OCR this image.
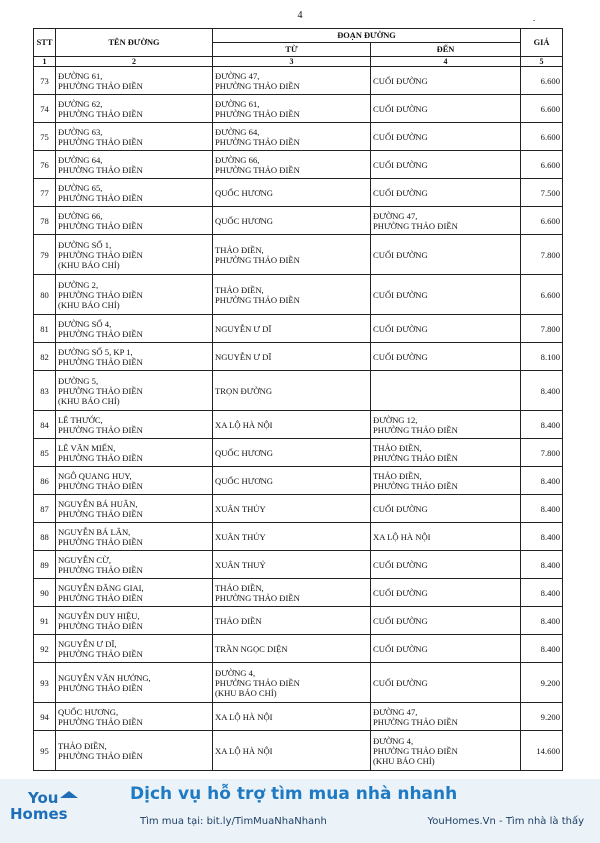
4	.
STT	TÊN ĐƯỜNG	ĐOẠN ĐƯỜNG		GIÁ
		TỪ	ĐẾN	
1	2	3	4	5
73	ĐƯỜNG 61,
PHƯỜNG THẢO ĐIỀN	ĐƯỜNG 47,
PHƯỜNG THẢO ĐIỀN	CUỐI ĐƯỜNG	6.600
74	ĐƯỜNG 62,
PHƯỜNG THẢO ĐIỀN	ĐƯỜNG 61,
PHƯỜNG THẢO ĐIỀN	CUỐI ĐƯỜNG	6.600
75	ĐƯỜNG 63,
PHƯỜNG THẢO ĐIỀN	ĐƯỜNG 64,
PHƯỜNG THẢO ĐIỀN	CUỐI ĐƯỜNG	6.600
76	ĐƯỜNG 64,
PHƯỜNG THẢO ĐIỀN	ĐƯỜNG 66,
PHƯỜNG THẢO ĐIỀN	CUỐI ĐƯỜNG	6.600
77	ĐƯỜNG 65,
PHƯỜNG THẢO ĐIỀN	QUỐC HƯƠNG	CUỐI ĐƯỜNG	7.500
78	ĐƯỜNG 66,
PHƯỜNG THẢO ĐIỀN	QUỐC HƯƠNG	ĐƯỜNG 47,
PHƯỜNG THẢO ĐIỀN	6.600
79	ĐƯỜNG SỐ 1,
PHƯỜNG THẢO ĐIỀN
(KHU BÁO CHÍ)	THẢO ĐIỀN,
PHƯỜNG THẢO ĐIỀN	CUỐI ĐƯỜNG	7.800
80	ĐƯỜNG 2,
PHƯỜNG THẢO ĐIỀN
(KHU BÁO CHÍ)	THẢO ĐIỀN,
PHƯỜNG THẢO ĐIỀN	CUỐI ĐƯỜNG	6.600
81	ĐƯỜNG SỐ 4,
PHƯỜNG THẢO ĐIỀN	NGUYỄN Ư DĨ	CUỐI ĐƯỜNG	7.800
82	ĐƯỜNG SỐ 5, KP 1,
PHƯỜNG THẢO ĐIỀN	NGUYỄN Ư DĨ	CUỐI ĐƯỜNG	8.100
83	ĐƯỜNG 5,
PHƯỜNG THẢO ĐIỀN
(KHU BÁO CHÍ)	TRỌN ĐƯỜNG		8.400
84	LÊ THƯỚC,
PHƯỜNG THẢO ĐIỀN	XA LỘ HÀ NỘI	ĐƯỜNG 12,
PHƯỜNG THẢO ĐIỀN	8.400
85	LÊ VĂN MIẾN,
PHƯỜNG THẢO ĐIỀN	QUỐC HƯƠNG	THẢO ĐIỀN,
PHƯỜNG THẢO ĐIỀN	7.800
86	NGÔ QUANG HUY,
PHƯỜNG THẢO ĐIỀN	QUỐC HƯƠNG	THẢO ĐIỀN,
PHƯỜNG THẢO ĐIỀN	8.400
87	NGUYỄN BÁ HUÂN,
PHƯỜNG THẢO ĐIỀN	XUÂN THỦY	CUỐI ĐƯỜNG	8.400
88	NGUYỄN BÁ LÂN,
PHƯỜNG THẢO ĐIỀN	XUÂN THỦY	XA LỘ HÀ NỘI	8.400
89	NGUYỄN CỪ,
PHƯỜNG THẢO ĐIỀN	XUÂN THUỶ	CUỐI ĐƯỜNG	8.400
90	NGUYỄN ĐĂNG GIAI,
PHƯỜNG THẢO ĐIỀN	THẢO ĐIỀN,
PHƯỜNG THẢO ĐIỀN	CUỐI ĐƯỜNG	8.400
91	NGUYỄN DUY HIỆU,
PHƯỜNG THẢO ĐIỀN	THẢO ĐIỀN	CUỐI ĐƯỜNG	8.400
92	NGUYỄN Ư DĨ,
PHƯỜNG THẢO ĐIỀN	TRẦN NGỌC DIỆN	CUỐI ĐƯỜNG	8.400
93	NGUYỄN VĂN HƯỞNG,
PHƯỜNG THẢO ĐIỀN	ĐƯỜNG 4,
PHƯỜNG THẢO ĐIỀN
(KHU BÁO CHÍ)	CUỐI ĐƯỜNG	9.200
94	QUỐC HƯƠNG,
PHƯỜNG THẢO ĐIỀN	XA LỘ HÀ NỘI	ĐƯỜNG 47,
PHƯỜNG THẢO ĐIỀN	9.200
95	THẢO ĐIỀN,
PHƯỜNG THẢO ĐIỀN	XA LỘ HÀ NỘI	ĐƯỜNG 4,
PHƯỜNG THẢO ĐIỀN
(KHU BÁO CHÍ)	14.600
You
Homes
Dịch vụ hỗ trợ tìm mua nhà nhanh
Tìm mua tại: bit.ly/TimMuaNhaNhanh	YouHomes.Vn - Tìm nhà là thấy
